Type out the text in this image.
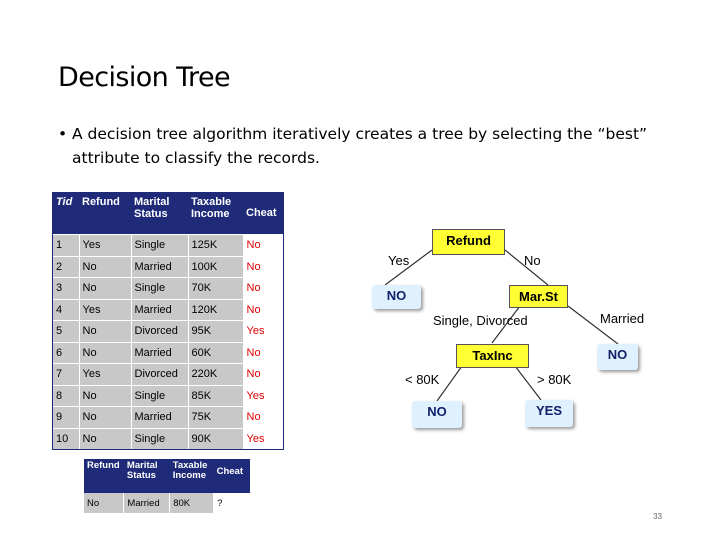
Decision Tree
• A decision tree algorithm iteratively creates a tree by selecting the “best” attribute to classify the records.
Tid	Refund	Marital Status	Taxable Income	Cheat

1	Yes	Single	125K	No
2	No	Married	100K	No
3	No	Single	70K	No
4	Yes	Married	120K	No
5	No	Divorced	95K	Yes
6	No	Married	60K	No
7	Yes	Divorced	220K	No
8	No	Single	85K	Yes
9	No	Married	75K	No
10	No	Single	90K	Yes
Refund	Marital Status	Taxable Income	Cheat
No	Married	80K	?
Refund
NO	Mar.St
TaxInc	NO
NO	YES
Yes	No
Single, Divorced	Married
< 80K	> 80K
33
